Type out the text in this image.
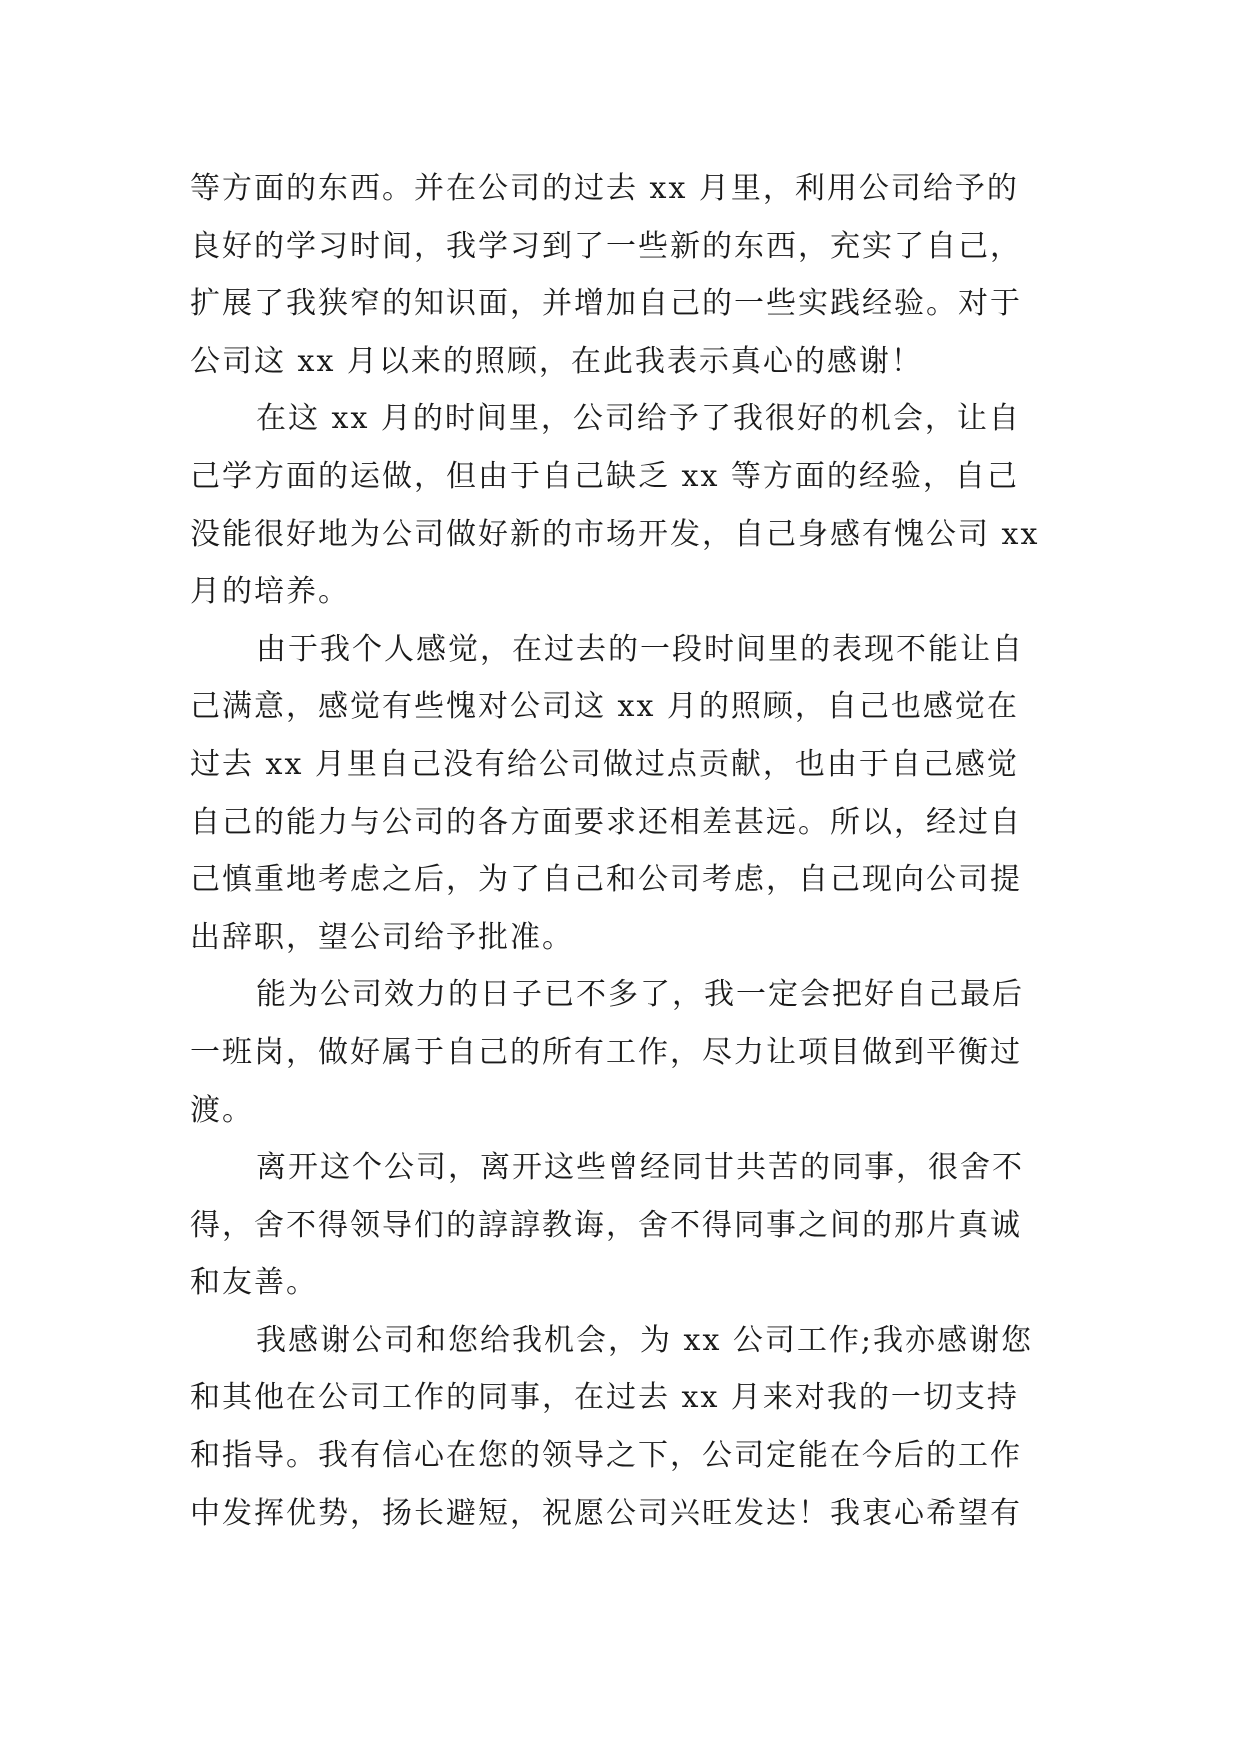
等方面的东西。并在公司的过去 xx 月里，利用公司给予的
良好的学习时间，我学习到了一些新的东西，充实了自己，
扩展了我狭窄的知识面，并增加自己的一些实践经验。对于
公司这 xx 月以来的照顾，在此我表示真心的感谢！
在这 xx 月的时间里，公司给予了我很好的机会，让自
己学方面的运做，但由于自己缺乏 xx 等方面的经验，自己
没能很好地为公司做好新的市场开发，自己身感有愧公司 xx
月的培养。
由于我个人感觉，在过去的一段时间里的表现不能让自
己满意，感觉有些愧对公司这 xx 月的照顾，自己也感觉在
过去 xx 月里自己没有给公司做过点贡献，也由于自己感觉
自己的能力与公司的各方面要求还相差甚远。所以，经过自
己慎重地考虑之后，为了自己和公司考虑，自己现向公司提
出辞职，望公司给予批准。
能为公司效力的日子已不多了，我一定会把好自己最后
一班岗，做好属于自己的所有工作，尽力让项目做到平衡过
渡。
离开这个公司，离开这些曾经同甘共苦的同事，很舍不
得，舍不得领导们的諄諄教诲，舍不得同事之间的那片真诚
和友善。
我感谢公司和您给我机会，为 xx 公司工作;我亦感谢您
和其他在公司工作的同事，在过去 xx 月来对我的一切支持
和指导。我有信心在您的领导之下，公司定能在今后的工作
中发挥优势，扬长避短，祝愿公司兴旺发达！我衷心希望有
